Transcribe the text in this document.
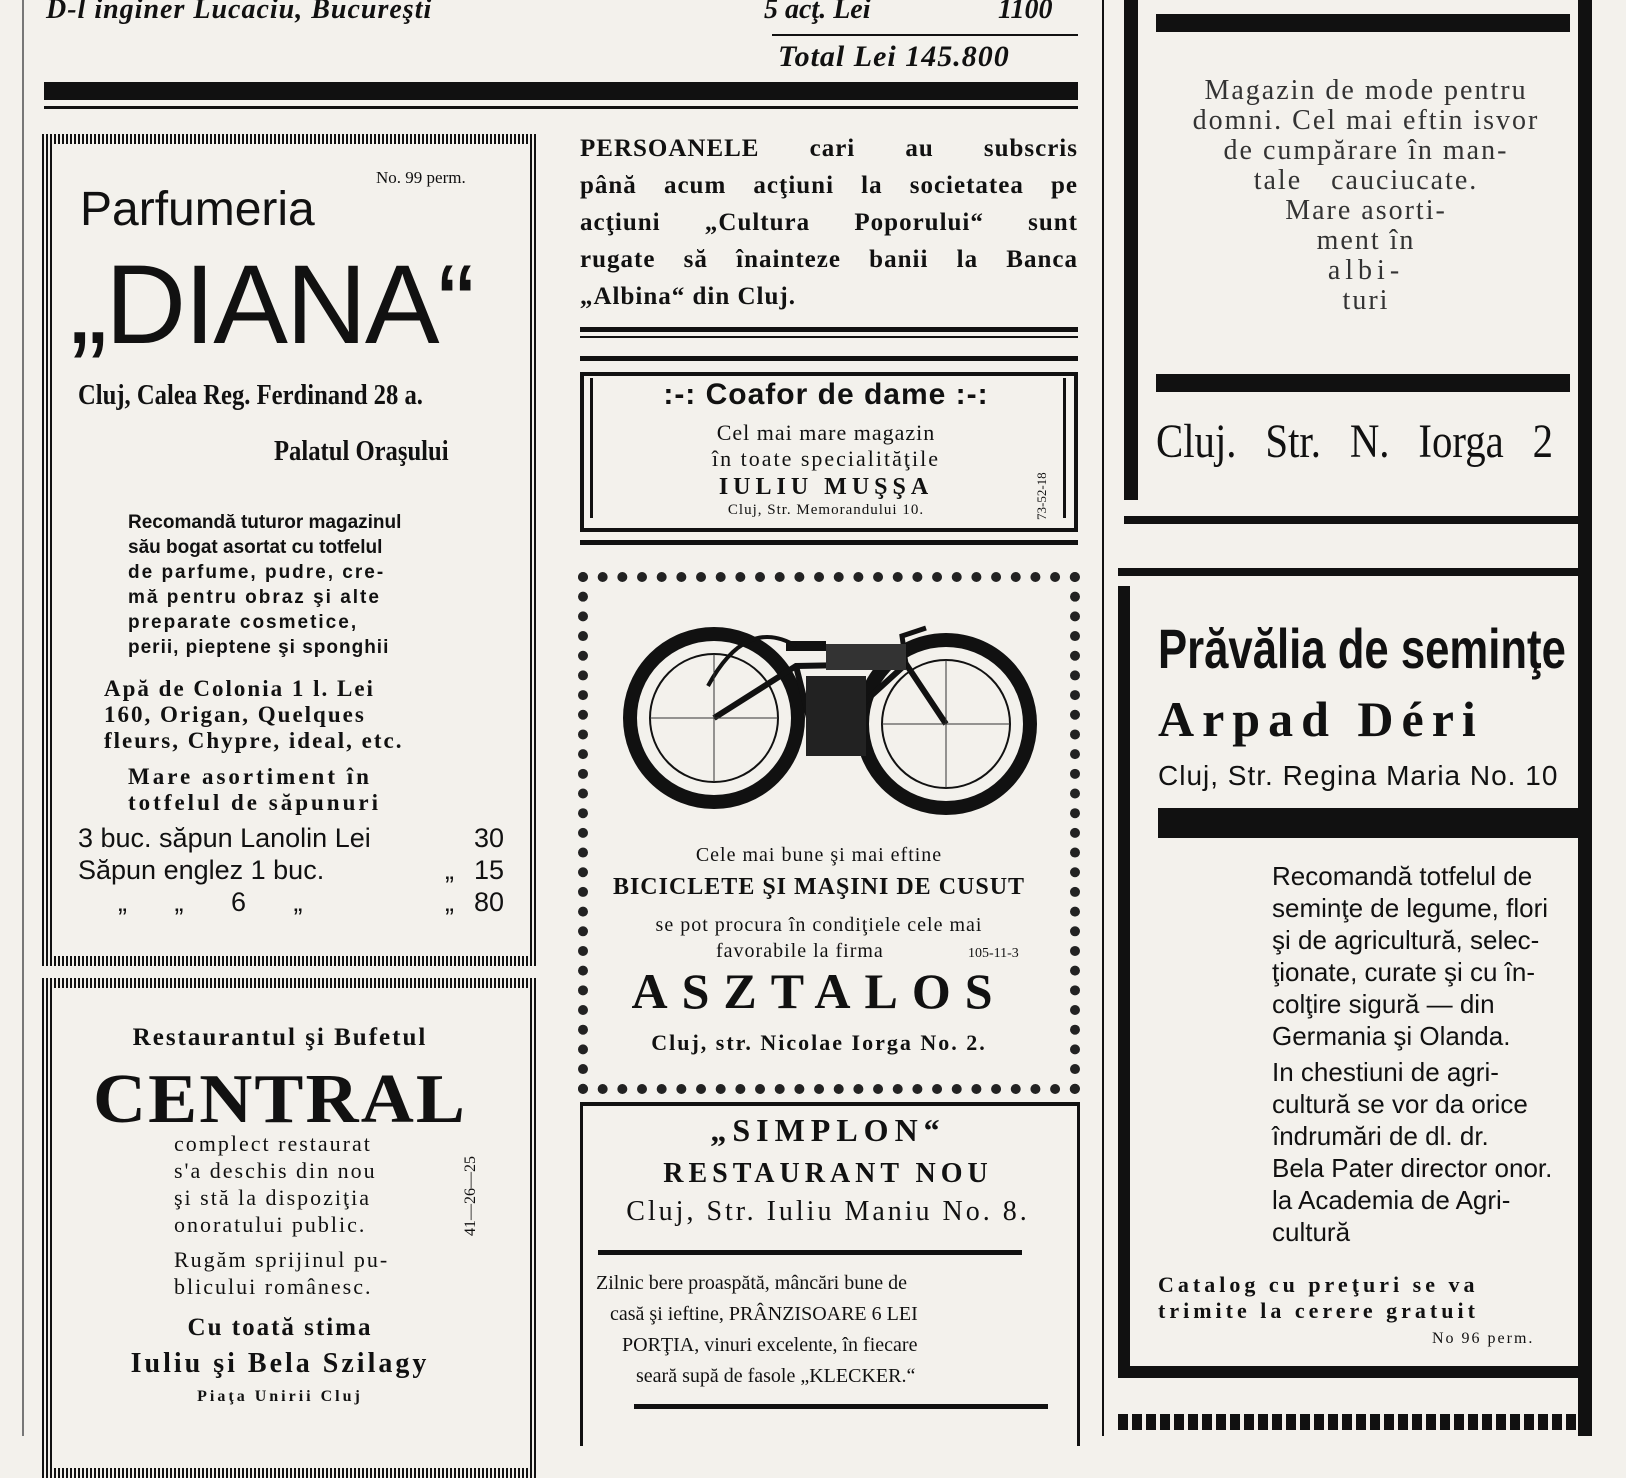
D-l inginer Lucaciu, Bucureşti	5 acţ. Lei	1100
Total Lei 145.800
No. 99 perm.
Parfumeria
„DIANA“
Cluj, Calea Reg. Ferdinand 28 a.
Palatul Oraşului
Recomandă tuturor magazinul
său bogat asortat cu totfelul
de parfume, pudre, cre-
mă pentru obraz şi alte
preparate cosmetice,
perii, pieptene şi sponghii
Apă de Colonia 1 l. Lei
160, Origan, Quelques
fleurs, Chypre, ideal, etc.
Mare asortiment în
totfelul de săpunuri
3 buc. săpun Lanolin Lei	30
Săpun englez 1 buc.	„ 15
„ „ 6 „	„ 80
Restaurantul şi Bufetul
CENTRAL
complect restaurat
s'a deschis din nou
şi stă la dispoziţia
onoratului public.
Rugăm sprijinul pu-
blicului românesc.
41—26—25
Cu toată stima
Iuliu şi Bela Szilagy
Piaţa Unirii Cluj
PERSOANELE cari au subscris
până acum acţiuni la societatea pe
acţiuni „Cultura Poporului“ sunt
rugate să înainteze banii la Banca
„Albina“ din Cluj.
:-: Coafor de dame :-:
Cel mai mare magazin
în toate specialităţile
IULIU MUŞŞA
Cluj, Str. Memorandului 10.	73-52-18
Cele mai bune şi mai eftine
BICICLETE ŞI MAŞINI DE CUSUT
se pot procura în condiţiele cele mai
favorabile la firma	105-11-3
ASZTALOS
Cluj, str. Nicolae Iorga No. 2.
„SIMPLON“
RESTAURANT NOU
Cluj, Str. Iuliu Maniu No. 8.
Zilnic bere proaspătă, mâncări bune de
casă şi ieftine, PRÂNZISOARE 6 LEI
PORŢIA, vinuri excelente, în fiecare
seară supă de fasole „KLECKER.“
Magazin de mode pentru
domni. Cel mai eftin isvor
de cumpărare în man-
tale cauciucate.
Mare asorti-
ment în
albi-
turi
Cluj. Str. N. Iorga 2
Prăvălia de seminţe
Arpad Déri
Cluj, Str. Regina Maria No. 10
Recomandă totfelul de
seminţe de legume, flori
şi de agricultură, selec-
ţionate, curate şi cu în-
colţire sigură — din
Germania şi Olanda.
In chestiuni de agri-
cultură se vor da orice
îndrumări de dl. dr.
Bela Pater director onor.
la Academia de Agri-
cultură
Catalog cu preţuri se va
trimite la cerere gratuit
No 96 perm.
